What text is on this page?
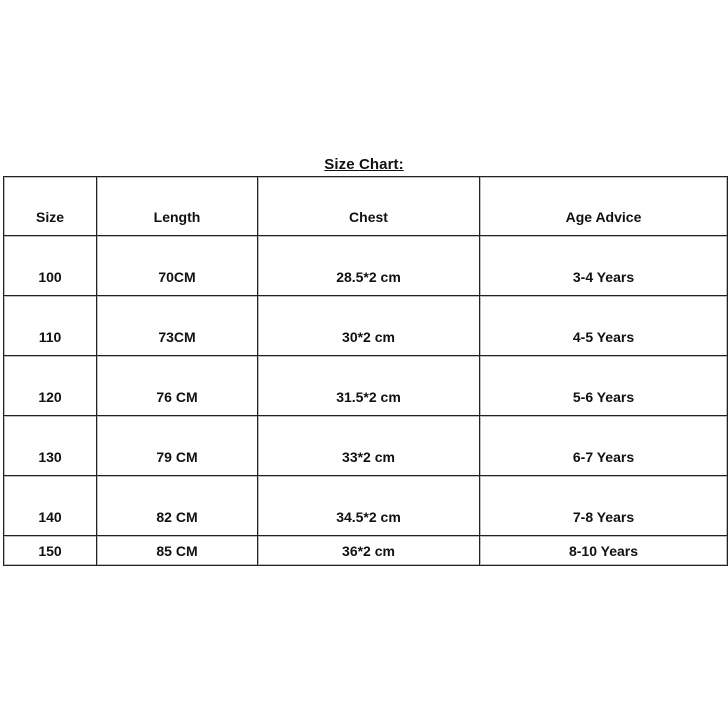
Size Chart:
Size	Length	Chest	Age Advice
100	70CM	28.5*2 cm	3-4 Years
110	73CM	30*2 cm	4-5 Years
120	76 CM	31.5*2 cm	5-6 Years
130	79 CM	33*2 cm	6-7 Years
140	82 CM	34.5*2 cm	7-8 Years
150	85 CM	36*2 cm	8-10 Years
